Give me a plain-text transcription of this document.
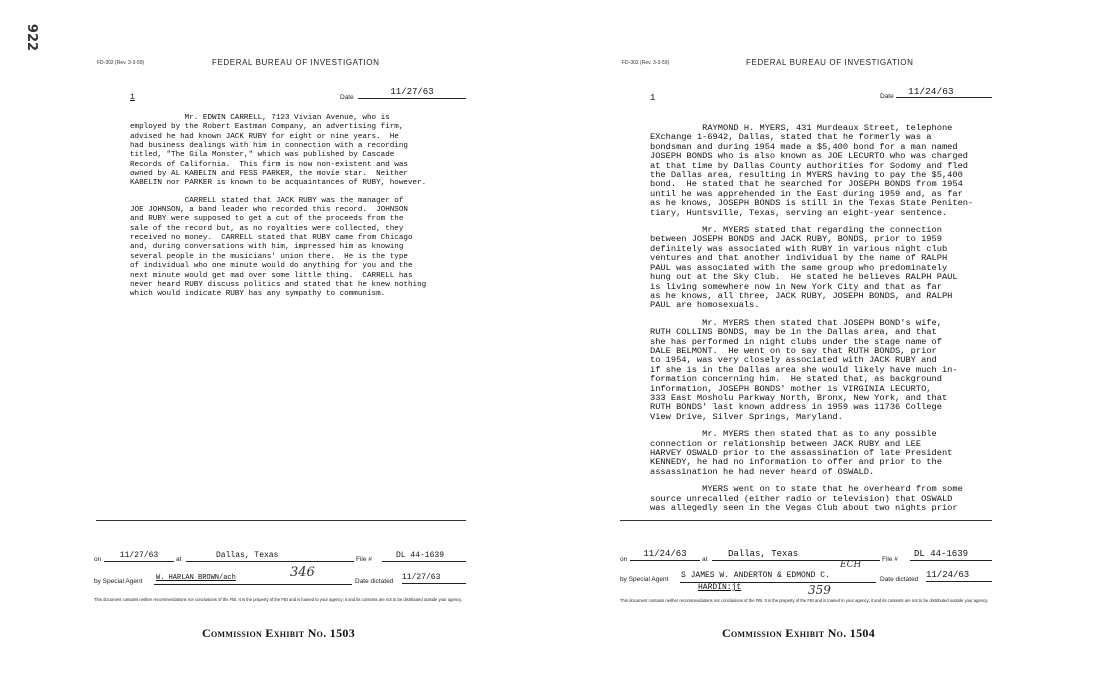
922
FD-302 (Rev. 3-3-59)	FEDERAL BUREAU OF INVESTIGATION
1	Date
11/27/63
Mr. EDWIN CARRELL, 7123 Vivian Avenue, who is
employed by the Robert Eastman Company, an advertising firm,
advised he had known JACK RUBY for eight or nine years.  He
had business dealings with him in connection with a recording
titled, "The Gila Monster," which was published by Cascade
Records of California.  This firm is now non-existent and was
owned by AL KABELIN and FESS PARKER, the movie star.  Neither
KABELIN nor PARKER is known to be acquaintances of RUBY, however.
CARRELL stated that JACK RUBY was the manager of
JOE JOHNSON, a band leader who recorded this record.  JOHNSON
and RUBY were supposed to get a cut of the proceeds from the
sale of the record but, as no royalties were collected, they
received no money.  CARRELL stated that RUBY came from Chicago
and, during conversations with him, impressed him as knowing
several people in the musicians' union there.  He is the type
of individual who one minute would do anything for you and the
next minute would get mad over some little thing.  CARRELL has
never heard RUBY discuss politics and stated that he knew nothing
which would indicate RUBY has any sympathy to communism.
on	11/27/63	at	Dallas, Texas	File #	DL 44-1639
by Special Agent W. HARLAN BROWN/ach	346
Date dictated 11/27/63
This document contains neither recommendations nor conclusions of the FBI. It is the property of the FBI and is loaned to your agency; it and its contents are not to be distributed outside your agency.
Commission Exhibit No. 1503
FD-302 (Rev. 3-3-59)	FEDERAL BUREAU OF INVESTIGATION
1	Date	11/24/63
RAYMOND H. MYERS, 431 Murdeaux Street, telephone
EXchange 1-6942, Dallas, stated that he formerly was a
bondsman and during 1954 made a $5,400 bond for a man named
JOSEPH BONDS who is also known as JOE LECURTO who was charged
at that time by Dallas County authorities for Sodomy and fled
the Dallas area, resulting in MYERS having to pay the $5,400
bond.  He stated that he searched for JOSEPH BONDS from 1954
until he was apprehended in the East during 1959 and, as far
as he knows, JOSEPH BONDS is still in the Texas State Peniten-
tiary, Huntsville, Texas, serving an eight-year sentence.
Mr. MYERS stated that regarding the connection
between JOSEPH BONDS and JACK RUBY, BONDS, prior to 1959
definitely was associated with RUBY in various night club
ventures and that another individual by the name of RALPH
PAUL was associated with the same group who predominately
hung out at the Sky Club.  He stated he believes RALPH PAUL
is living somewhere now in New York City and that as far
as he knows, all three, JACK RUBY, JOSEPH BONDS, and RALPH
PAUL are homosexuals.
Mr. MYERS then stated that JOSEPH BOND's wife,
RUTH COLLINS BONDS, may be in the Dallas area, and that
she has performed in night clubs under the stage name of
DALE BELMONT.  He went on to say that RUTH BONDS, prior
to 1954, was very closely associated with JACK RUBY and
if she is in the Dallas area she would likely have much in-
formation concerning him.  He stated that, as background
information, JOSEPH BONDS' mother is VIRGINIA LECURTO,
333 East Mosholu Parkway North, Bronx, New York, and that
RUTH BONDS' last known address in 1959 was 11736 College
View Drive, Silver Springs, Maryland.
Mr. MYERS then stated that as to any possible
connection or relationship between JACK RUBY and LEE
HARVEY OSWALD prior to the assassination of late President
KENNEDY, he had no information to offer and prior to the
assassination he had never heard of OSWALD.
MYERS went on to state that he overheard from some
source unrecalled (either radio or television) that OSWALD
was allegedly seen in the Vegas Club about two nights prior
on
11/24/63
at
Dallas, Texas
File #
DL 44-1639
by Special Agent S JAMES W. ANDERTON & EDMOND C.
HARDIN:jt
ECH
359
Date dictated 11/24/63
This document contains neither recommendations nor conclusions of the FBI. It is the property of the FBI and is loaned to your agency; it and its contents are not to be distributed outside your agency.
Commission Exhibit No. 1504
